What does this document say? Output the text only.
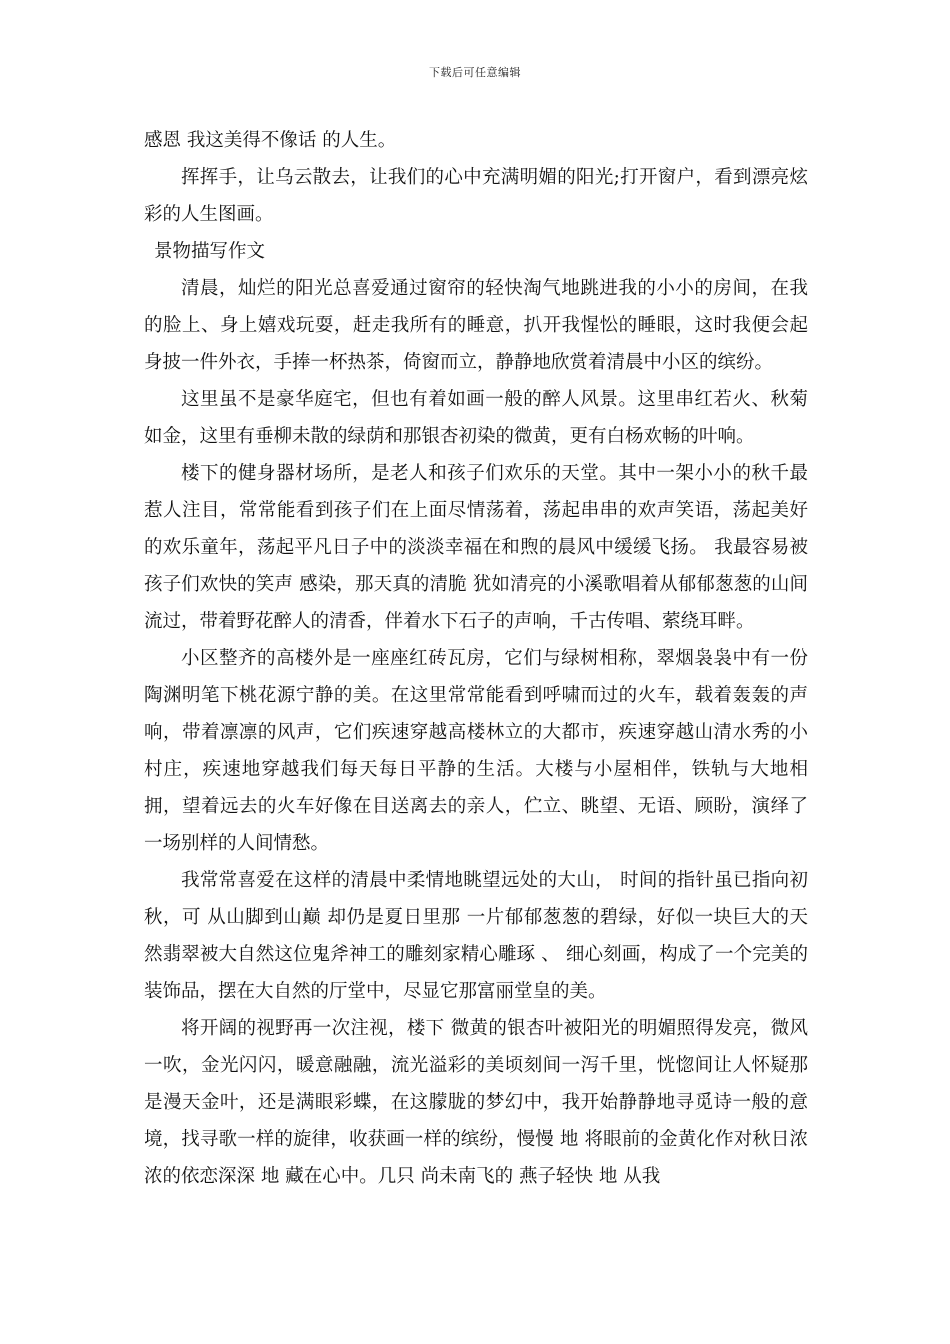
下载后可任意编辑

感恩 我这美得不像话 的人生。

挥挥手，让乌云散去，让我们的心中充满明媚的阳光;打开窗户，看到漂亮炫彩的人生图画。

景物描写作文

清晨，灿烂的阳光总喜爱通过窗帘的轻快淘气地跳进我的小小的房间，在我的脸上、身上嬉戏玩耍，赶走我所有的睡意，扒开我惺忪的睡眼，这时我便会起身披一件外衣，手捧一杯热茶，倚窗而立，静静地欣赏着清晨中小区的缤纷。

这里虽不是豪华庭宅，但也有着如画一般的醉人风景。这里串红若火、秋菊如金，这里有垂柳未散的绿荫和那银杏初染的微黄，更有白杨欢畅的叶响。

楼下的健身器材场所，是老人和孩子们欢乐的天堂。其中一架小小的秋千最惹人注目，常常能看到孩子们在上面尽情荡着，荡起串串的欢声笑语，荡起美好的欢乐童年，荡起平凡日子中的淡淡幸福在和煦的晨风中缓缓飞扬。 我最容易被 孩子们欢快的笑声 感染，那天真的清脆 犹如清亮的小溪歌唱着从郁郁葱葱的山间流过，带着野花醉人的清香，伴着水下石子的声响，千古传唱、萦绕耳畔。

小区整齐的高楼外是一座座红砖瓦房，它们与绿树相称，翠烟袅袅中有一份陶渊明笔下桃花源宁静的美。在这里常常能看到呼啸而过的火车，载着轰轰的声响，带着凛凛的风声，它们疾速穿越高楼林立的大都市，疾速穿越山清水秀的小村庄，疾速地穿越我们每天每日平静的生活。大楼与小屋相伴，铁轨与大地相拥，望着远去的火车好像在目送离去的亲人，伫立、眺望、无语、顾盼，演绎了一场别样的人间情愁。

我常常喜爱在这样的清晨中柔情地眺望远处的大山， 时间的指针虽已指向初秋，可 从山脚到山巅 却仍是夏日里那 一片郁郁葱葱的碧绿，好似一块巨大的天然翡翠被大自然这位鬼斧神工的雕刻家精心雕琢 、 细心刻画，构成了一个完美的装饰品，摆在大自然的厅堂中，尽显它那富丽堂皇的美。

将开阔的视野再一次注视，楼下 微黄的银杏叶被阳光的明媚照得发亮，微风一吹，金光闪闪，暖意融融，流光溢彩的美顷刻间一泻千里，恍惚间让人怀疑那是漫天金叶，还是满眼彩蝶，在这朦胧的梦幻中，我开始静静地寻觅诗一般的意境，找寻歌一样的旋律，收获画一样的缤纷，慢慢 地 将眼前的金黄化作对秋日浓浓的依恋深深 地 藏在心中。几只 尚未南飞的 燕子轻快 地 从我
